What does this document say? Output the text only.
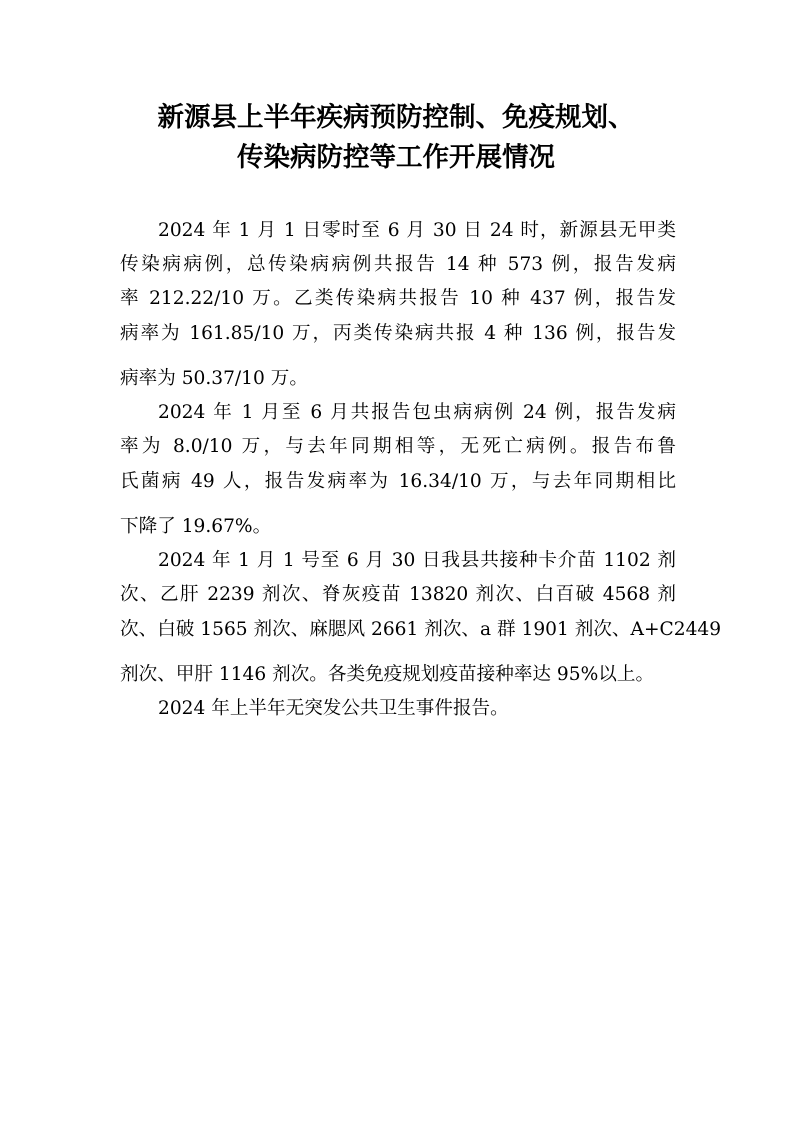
新源县上半年疾病预防控制、免疫规划、
传染病防控等工作开展情况

2024 年 1 月 1 日零时至 6 月 30 日 24 时，新源县无甲类

传染病病例，总传染病病例共报告 14 种 573 例，报告发病

率 212.22/10 万。乙类传染病共报告 10 种 437 例，报告发

病率为 161.85/10 万，丙类传染病共报 4 种 136 例，报告发

病率为 50.37/10 万。

2024 年 1 月至 6 月共报告包虫病病例 24 例，报告发病

率为 8.0/10 万，与去年同期相等，无死亡病例。报告布鲁

氏菌病 49 人，报告发病率为 16.34/10 万，与去年同期相比

下降了 19.67%。

2024 年 1 月 1 号至 6 月 30 日我县共接种卡介苗 1102 剂

次、乙肝 2239 剂次、脊灰疫苗 13820 剂次、白百破 4568 剂

次、白破 1565 剂次、麻腮风 2661 剂次、a 群 1901 剂次、A+C2449

剂次、甲肝 1146 剂次。各类免疫规划疫苗接种率达 95%以上。

2024 年上半年无突发公共卫生事件报告。
